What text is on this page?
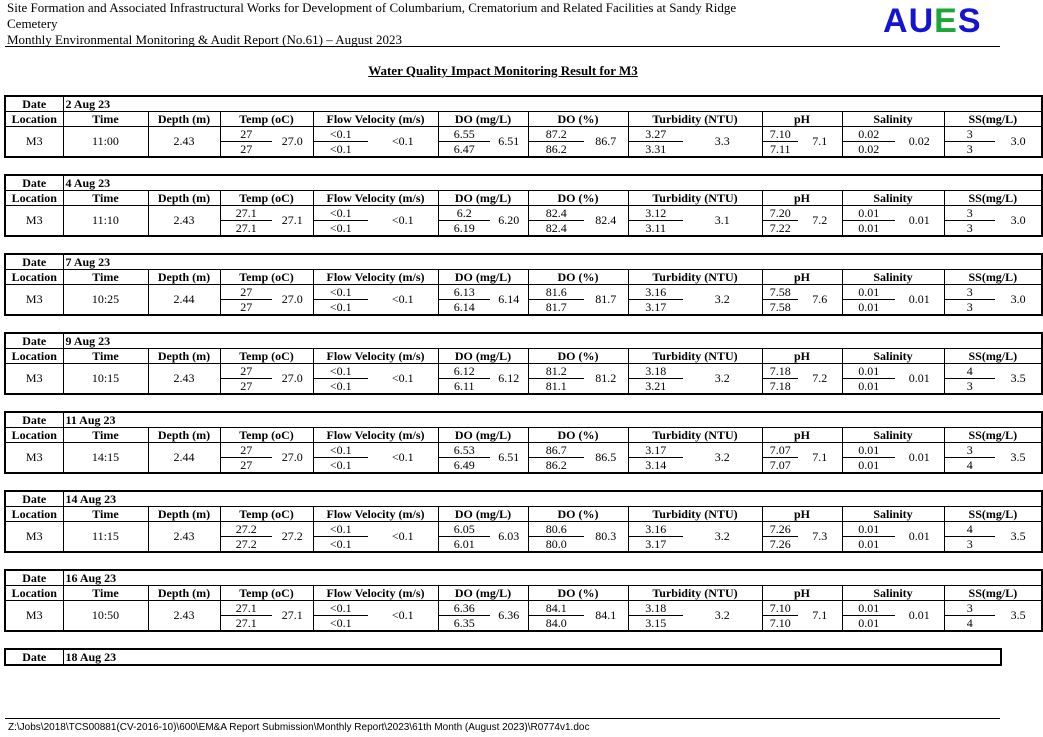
Site Formation and Associated Infrastructural Works for Development of Columbarium, Crematorium and Related Facilities at Sandy Ridge
Cemetery
Monthly Environmental Monitoring & Audit Report (No.61) – August 2023	AUES
Water Quality Impact Monitoring Result for M3
Date	2 Aug 23																	
Location	Time	Depth (m)	Temp (oC)		Flow Velocity (m/s)		DO (mg/L)		DO (%)		Turbidity (NTU)		pH		Salinity		SS(mg/L)	
M3	11:00	2.43	27	27.0	<0.1	<0.1	6.55	6.51	87.2	86.7	3.27	3.3	7.10	7.1	0.02	0.02	3	3.0
			27		<0.1		6.47		86.2		3.31		7.11		0.02		3	
Date	4 Aug 23																	
Location	Time	Depth (m)	Temp (oC)		Flow Velocity (m/s)		DO (mg/L)		DO (%)		Turbidity (NTU)		pH		Salinity		SS(mg/L)	
M3	11:10	2.43	27.1	27.1	<0.1	<0.1	6.2	6.20	82.4	82.4	3.12	3.1	7.20	7.2	0.01	0.01	3	3.0
			27.1		<0.1		6.19		82.4		3.11		7.22		0.01		3	
Date	7 Aug 23																	
Location	Time	Depth (m)	Temp (oC)		Flow Velocity (m/s)		DO (mg/L)		DO (%)		Turbidity (NTU)		pH		Salinity		SS(mg/L)	
M3	10:25	2.44	27	27.0	<0.1	<0.1	6.13	6.14	81.6	81.7	3.16	3.2	7.58	7.6	0.01	0.01	3	3.0
			27		<0.1		6.14		81.7		3.17		7.58		0.01		3	
Date	9 Aug 23																	
Location	Time	Depth (m)	Temp (oC)		Flow Velocity (m/s)		DO (mg/L)		DO (%)		Turbidity (NTU)		pH		Salinity		SS(mg/L)	
M3	10:15	2.43	27	27.0	<0.1	<0.1	6.12	6.12	81.2	81.2	3.18	3.2	7.18	7.2	0.01	0.01	4	3.5
			27		<0.1		6.11		81.1		3.21		7.18		0.01		3	
Date	11 Aug 23																	
Location	Time	Depth (m)	Temp (oC)		Flow Velocity (m/s)		DO (mg/L)		DO (%)		Turbidity (NTU)		pH		Salinity		SS(mg/L)	
M3	14:15	2.44	27	27.0	<0.1	<0.1	6.53	6.51	86.7	86.5	3.17	3.2	7.07	7.1	0.01	0.01	3	3.5
			27		<0.1		6.49		86.2		3.14		7.07		0.01		4	
Date	14 Aug 23																	
Location	Time	Depth (m)	Temp (oC)		Flow Velocity (m/s)		DO (mg/L)		DO (%)		Turbidity (NTU)		pH		Salinity		SS(mg/L)	
M3	11:15	2.43	27.2	27.2	<0.1	<0.1	6.05	6.03	80.6	80.3	3.16	3.2	7.26	7.3	0.01	0.01	4	3.5
			27.2		<0.1		6.01		80.0		3.17		7.26		0.01		3	
Date	16 Aug 23																	
Location	Time	Depth (m)	Temp (oC)		Flow Velocity (m/s)		DO (mg/L)		DO (%)		Turbidity (NTU)		pH		Salinity		SS(mg/L)	
M3	10:50	2.43	27.1	27.1	<0.1	<0.1	6.36	6.36	84.1	84.1	3.18	3.2	7.10	7.1	0.01	0.01	3	3.5
			27.1		<0.1		6.35		84.0		3.15		7.10		0.01		4	
Date	18 Aug 23
Z:\Jobs\2018\TCS00881(CV-2016-10)\600\EM&A Report Submission\Monthly Report\2023\61th Month (August 2023)\R0774v1.doc
